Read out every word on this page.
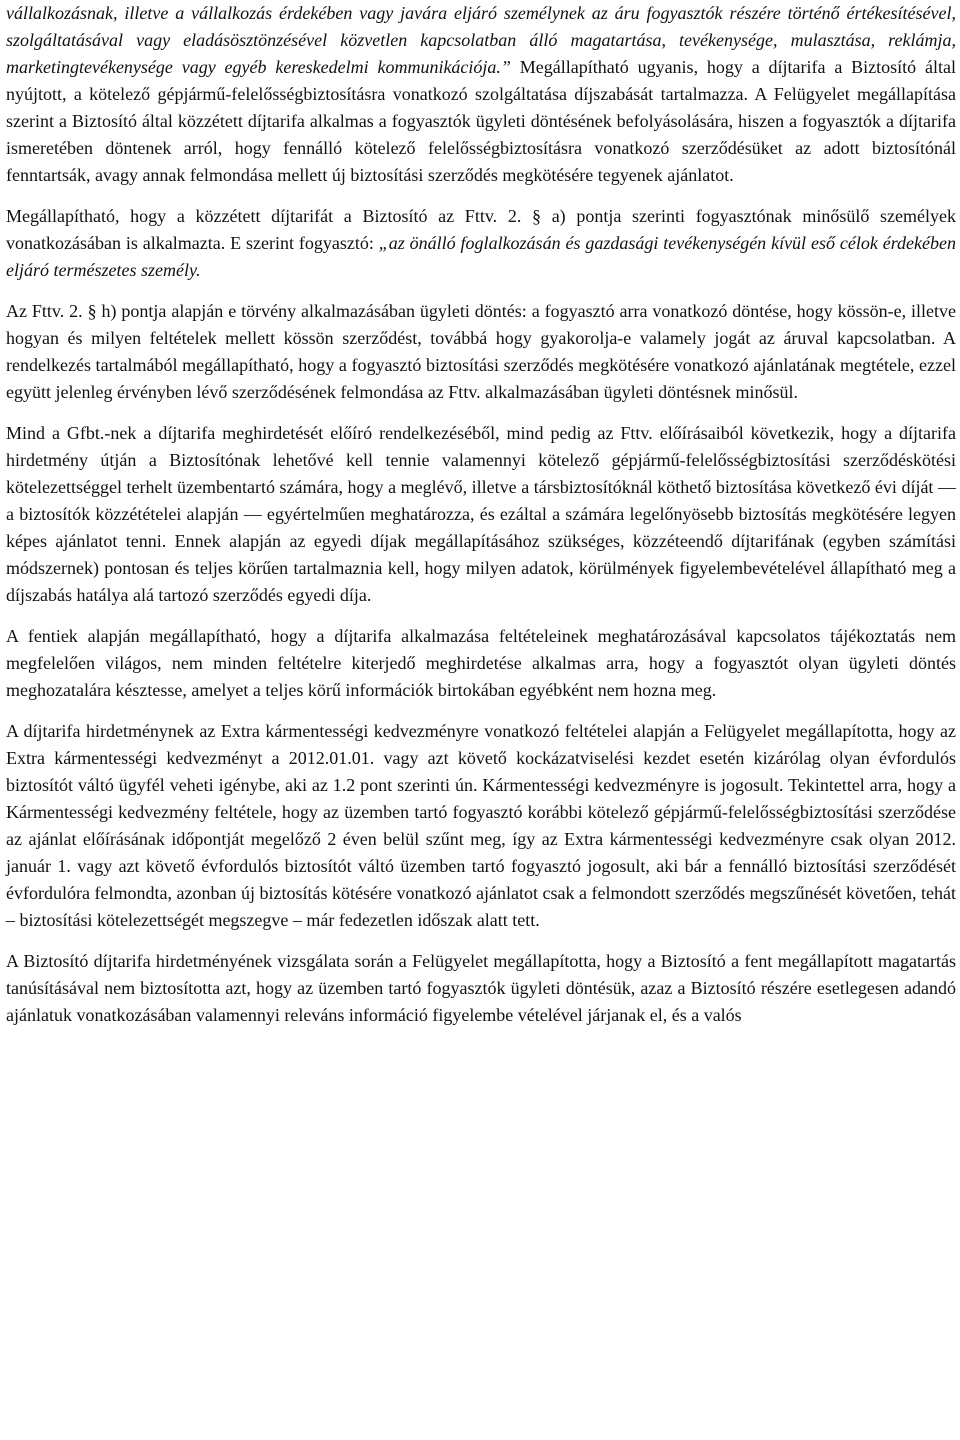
vállalkozásnak, illetve a vállalkozás érdekében vagy javára eljáró személynek az áru fogyasztók részére történő értékesítésével, szolgáltatásával vagy eladásösztönzésével közvetlen kapcsolatban álló magatartása, tevékenysége, mulasztása, reklámja, marketingtevékenysége vagy egyéb kereskedelmi kommunikációja.” Megállapítható ugyanis, hogy a díjtarifa a Biztosító által nyújtott, a kötelező gépjármű-felelősségbiztosításra vonatkozó szolgáltatása díjszabását tartalmazza. A Felügyelet megállapítása szerint a Biztosító által közzétett díjtarifa alkalmas a fogyasztók ügyleti döntésének befolyásolására, hiszen a fogyasztók a díjtarifa ismeretében döntenek arról, hogy fennálló kötelező felelősségbiztosításra vonatkozó szerződésüket az adott biztosítónál fenntartsák, avagy annak felmondása mellett új biztosítási szerződés megkötésére tegyenek ajánlatot.

Megállapítható, hogy a közzétett díjtarifát a Biztosító az Fttv. 2. § a) pontja szerinti fogyasztónak minősülő személyek vonatkozásában is alkalmazta. E szerint fogyasztó: „az önálló foglalkozásán és gazdasági tevékenységén kívül eső célok érdekében eljáró természetes személy.

Az Fttv. 2. § h) pontja alapján e törvény alkalmazásában ügyleti döntés: a fogyasztó arra vonatkozó döntése, hogy kössön-e, illetve hogyan és milyen feltételek mellett kössön szerződést, továbbá hogy gyakorolja-e valamely jogát az áruval kapcsolatban. A rendelkezés tartalmából megállapítható, hogy a fogyasztó biztosítási szerződés megkötésére vonatkozó ajánlatának megtétele, ezzel együtt jelenleg érvényben lévő szerződésének felmondása az Fttv. alkalmazásában ügyleti döntésnek minősül.

Mind a Gfbt.-nek a díjtarifa meghirdetését előíró rendelkezéséből, mind pedig az Fttv. előírásaiból következik, hogy a díjtarifa hirdetmény útján a Biztosítónak lehetővé kell tennie valamennyi kötelező gépjármű-felelősségbiztosítási szerződéskötési kötelezettséggel terhelt üzembentartó számára, hogy a meglévő, illetve a társbiztosítóknál köthető biztosítása következő évi díját — a biztosítók közzétételei alapján — egyértelműen meghatározza, és ezáltal a számára legelőnyösebb biztosítás megkötésére legyen képes ajánlatot tenni. Ennek alapján az egyedi díjak megállapításához szükséges, közzéteendő díjtarifának (egyben számítási módszernek) pontosan és teljes körűen tartalmaznia kell, hogy milyen adatok, körülmények figyelembevételével állapítható meg a díjszabás hatálya alá tartozó szerződés egyedi díja.

A fentiek alapján megállapítható, hogy a díjtarifa alkalmazása feltételeinek meghatározásával kapcsolatos tájékoztatás nem megfelelően világos, nem minden feltételre kiterjedő meghirdetése alkalmas arra, hogy a fogyasztót olyan ügyleti döntés meghozatalára késztesse, amelyet a teljes körű információk birtokában egyébként nem hozna meg.

A díjtarifa hirdetménynek az Extra kármentességi kedvezményre vonatkozó feltételei alapján a Felügyelet megállapította, hogy az Extra kármentességi kedvezményt a 2012.01.01. vagy azt követő kockázatviselési kezdet esetén kizárólag olyan évfordulós biztosítót váltó ügyfél veheti igénybe, aki az 1.2 pont szerinti ún. Kármentességi kedvezményre is jogosult. Tekintettel arra, hogy a Kármentességi kedvezmény feltétele, hogy az üzemben tartó fogyasztó korábbi kötelező gépjármű-felelősségbiztosítási szerződése az ajánlat előírásának időpontját megelőző 2 éven belül szűnt meg, így az Extra kármentességi kedvezményre csak olyan 2012. január 1. vagy azt követő évfordulós biztosítót váltó üzemben tartó fogyasztó jogosult, aki bár a fennálló biztosítási szerződését évfordulóra felmondta, azonban új biztosítás kötésére vonatkozó ajánlatot csak a felmondott szerződés megszűnését követően, tehát – biztosítási kötelezettségét megszegve – már fedezetlen időszak alatt tett.

A Biztosító díjtarifa hirdetményének vizsgálata során a Felügyelet megállapította, hogy a Biztosító a fent megállapított magatartás tanúsításával nem biztosította azt, hogy az üzemben tartó fogyasztók ügyleti döntésük, azaz a Biztosító részére esetlegesen adandó ajánlatuk vonatkozásában valamennyi releváns információ figyelembe vételével járjanak el, és a valós
